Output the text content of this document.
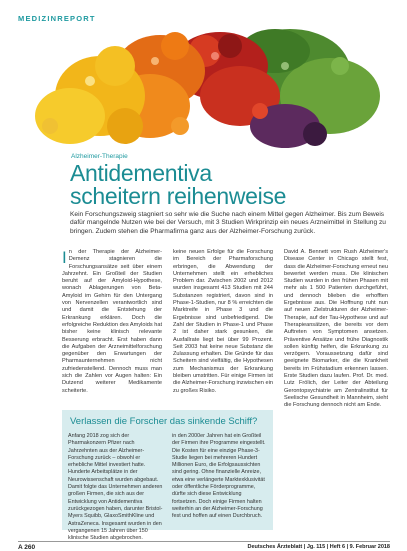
MEDIZINREPORT
Alzheimer-Therapie
Antidementiva
scheitern reihenweise

Kein Forschungszweig stagniert so sehr wie die Suche nach einem Mittel gegen Alzheimer. Bis zum Beweis dafür mangelnde Nutzen wie bei der Versuch, mit 3 Studien Wirkprinzip ein neues Arzneimittel in Stellung zu bringen. Zudem stehen die Pharmafirma ganz aus der Alzheimer-Forschung zurück.

In der Therapie der Alzheimer-Demenz stagnieren die Forschungsansätze seit über einem Jahrzehnt. Ein Großteil der Studien beruht auf der Amyloid-Hypothese, wonach Ablagerungen von Beta-Amyloid im Gehirn für den Untergang von Nervenzellen verantwortlich sind und damit die Entstehung der Erkrankung erklären. Doch die erfolgreiche Reduktion des Amyloids hat bisher keine klinisch relevante Besserung erbracht. Erst haben dann die Aufgaben der Arzneimittelforschung gegenüber den Erwartungen der Pharmaunternehmen nicht zufriedenstellend. Dennoch muss man sich die Zahlen vor Augen halten: Ein Dutzend weiterer Medikamente scheiterte.
keine neuen Erfolge für die Forschung im Bereich der Pharmaforschung erbringen, die Abwendung der Unternehmen stellt ein erhebliches Problem dar. Zwischen 2002 und 2012 wurden insgesamt 413 Studien mit 244 Substanzen registriert, davon sind in Phase-1-Studien, nur 8 % erreichten die Marktreife in Phase 3 und die Ergebnisse sind unbefriedigend. Die Zahl der Studien in Phase-1 und Phase 2 ist daher stark gesunken, die Ausfallrate liegt bei über 99 Prozent. Seit 2003 hat keine neue Substanz die Zulassung erhalten. Die Gründe für das Scheitern sind vielfältig, die Hypothesen zum Mechanismus der Erkrankung bleiben umstritten. Für einige Firmen ist die Alzheimer-Forschung inzwischen ein zu großes Risiko.
David A. Bennett vom Rush Alzheimer's Disease Center in Chicago stellt fest, dass die Alzheimer-Forschung erneut neu bewertet werden muss. Die klinischen Studien wurden in den frühen Phasen mit mehr als 1 500 Patienten durchgeführt, und dennoch blieben die erhofften Ergebnisse aus. Die Hoffnung ruht nun auf neuen Zielstrukturen der Alzheimer-Therapie, auf der Tau-Hypothese und auf Therapieansätzen, die bereits vor dem Auftreten von Symptomen ansetzen. Präventive Ansätze und frühe Diagnostik sollen künftig helfen, die Erkrankung zu verzögern. Voraussetzung dafür sind geeignete Biomarker, die die Krankheit bereits im Frühstadium erkennen lassen. Erste Studien dazu laufen. Prof. Dr. med. Lutz Frölich, der Leiter der Abteilung Gerontopsychiatrie am Zentralinstitut für Seelische Gesundheit in Mannheim, sieht die Forschung dennoch nicht am Ende.
Verlassen die Forscher das sinkende Schiff?
Anfang 2018 zog sich der Pharmakonzern Pfizer nach Jahrzehnten aus der Alzheimer-Forschung zurück – obwohl er erhebliche Mittel investiert hatte. Hunderte Arbeitsplätze in der Neurowissenschaft wurden abgebaut. Damit folgte das Unternehmen anderen großen Firmen, die sich aus der Entwicklung von Antidementiva zurückgezogen haben, darunter Bristol-Myers Squibb, GlaxoSmithKline und AstraZeneca. Insgesamt wurden in den vergangenen 15 Jahren über 150 klinische Studien abgebrochen.
in den 2000er Jahren hat ein Großteil der Firmen ihre Programme eingestellt. Die Kosten für eine einzige Phase-3-Studie liegen bei mehreren Hundert Millionen Euro, die Erfolgsaussichten sind gering. Ohne finanzielle Anreize, etwa eine verlängerte Marktexklusivität oder öffentliche Förderprogramme, dürfte sich diese Entwicklung fortsetzen. Doch einige Firmen halten weiterhin an der Alzheimer-Forschung fest und hoffen auf einen Durchbruch.
A 260	Deutsches Ärzteblatt | Jg. 115 | Heft 6 | 9. Februar 2018
